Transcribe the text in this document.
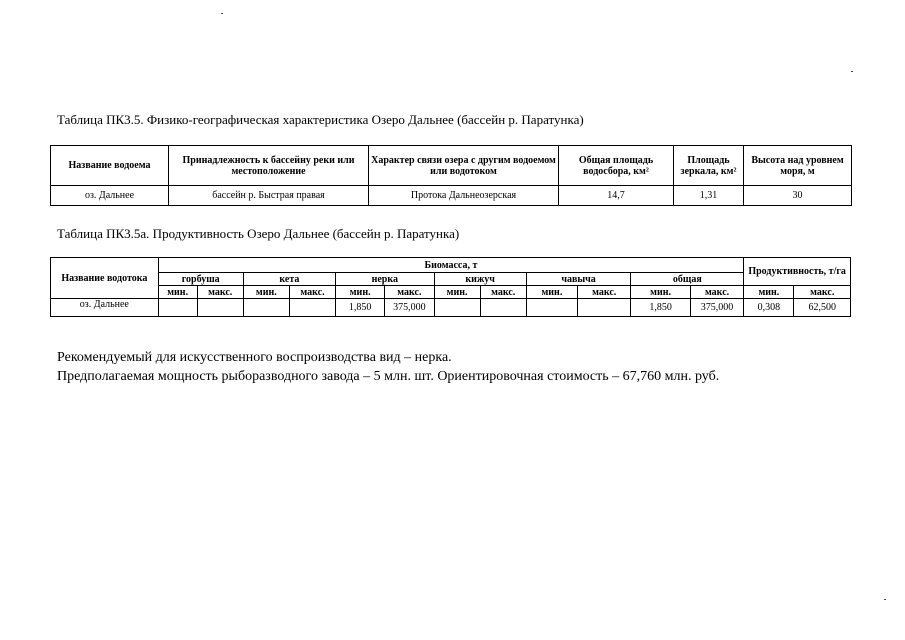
Таблица ПК3.5. Физико-географическая характеристика Озеро Дальнее (бассейн р. Паратунка)
Название водоема	Принадлежность к бассейну реки или местоположение	Характер связи озера с другим водоемом или водотоком	Общая площадь водосбора, км²	Площадь зеркала, км²	Высота над уровнем моря, м
оз. Дальнее	бассейн р. Быстрая правая	Протока Дальнеозерская	14,7	1,31	30
Таблица ПК3.5а. Продуктивность Озеро Дальнее (бассейн р. Паратунка)
Название водотока	Биомасса, т												Продуктивность, т/га	
	горбуша		кета		нерка		кижуч		чавыча		общая			
	мин.	макс.	мин.	макс.	мин.	макс.	мин.	макс.	мин.	макс.	мин.	макс.	мин.	макс.
оз. Дальнее					1,850	375,000					1,850	375,000	0,308	62,500
Рекомендуемый для искусственного воспроизводства вид – нерка.
Предполагаемая мощность рыборазводного завода – 5 млн. шт. Ориентировочная стоимость – 67,760 млн. руб.
